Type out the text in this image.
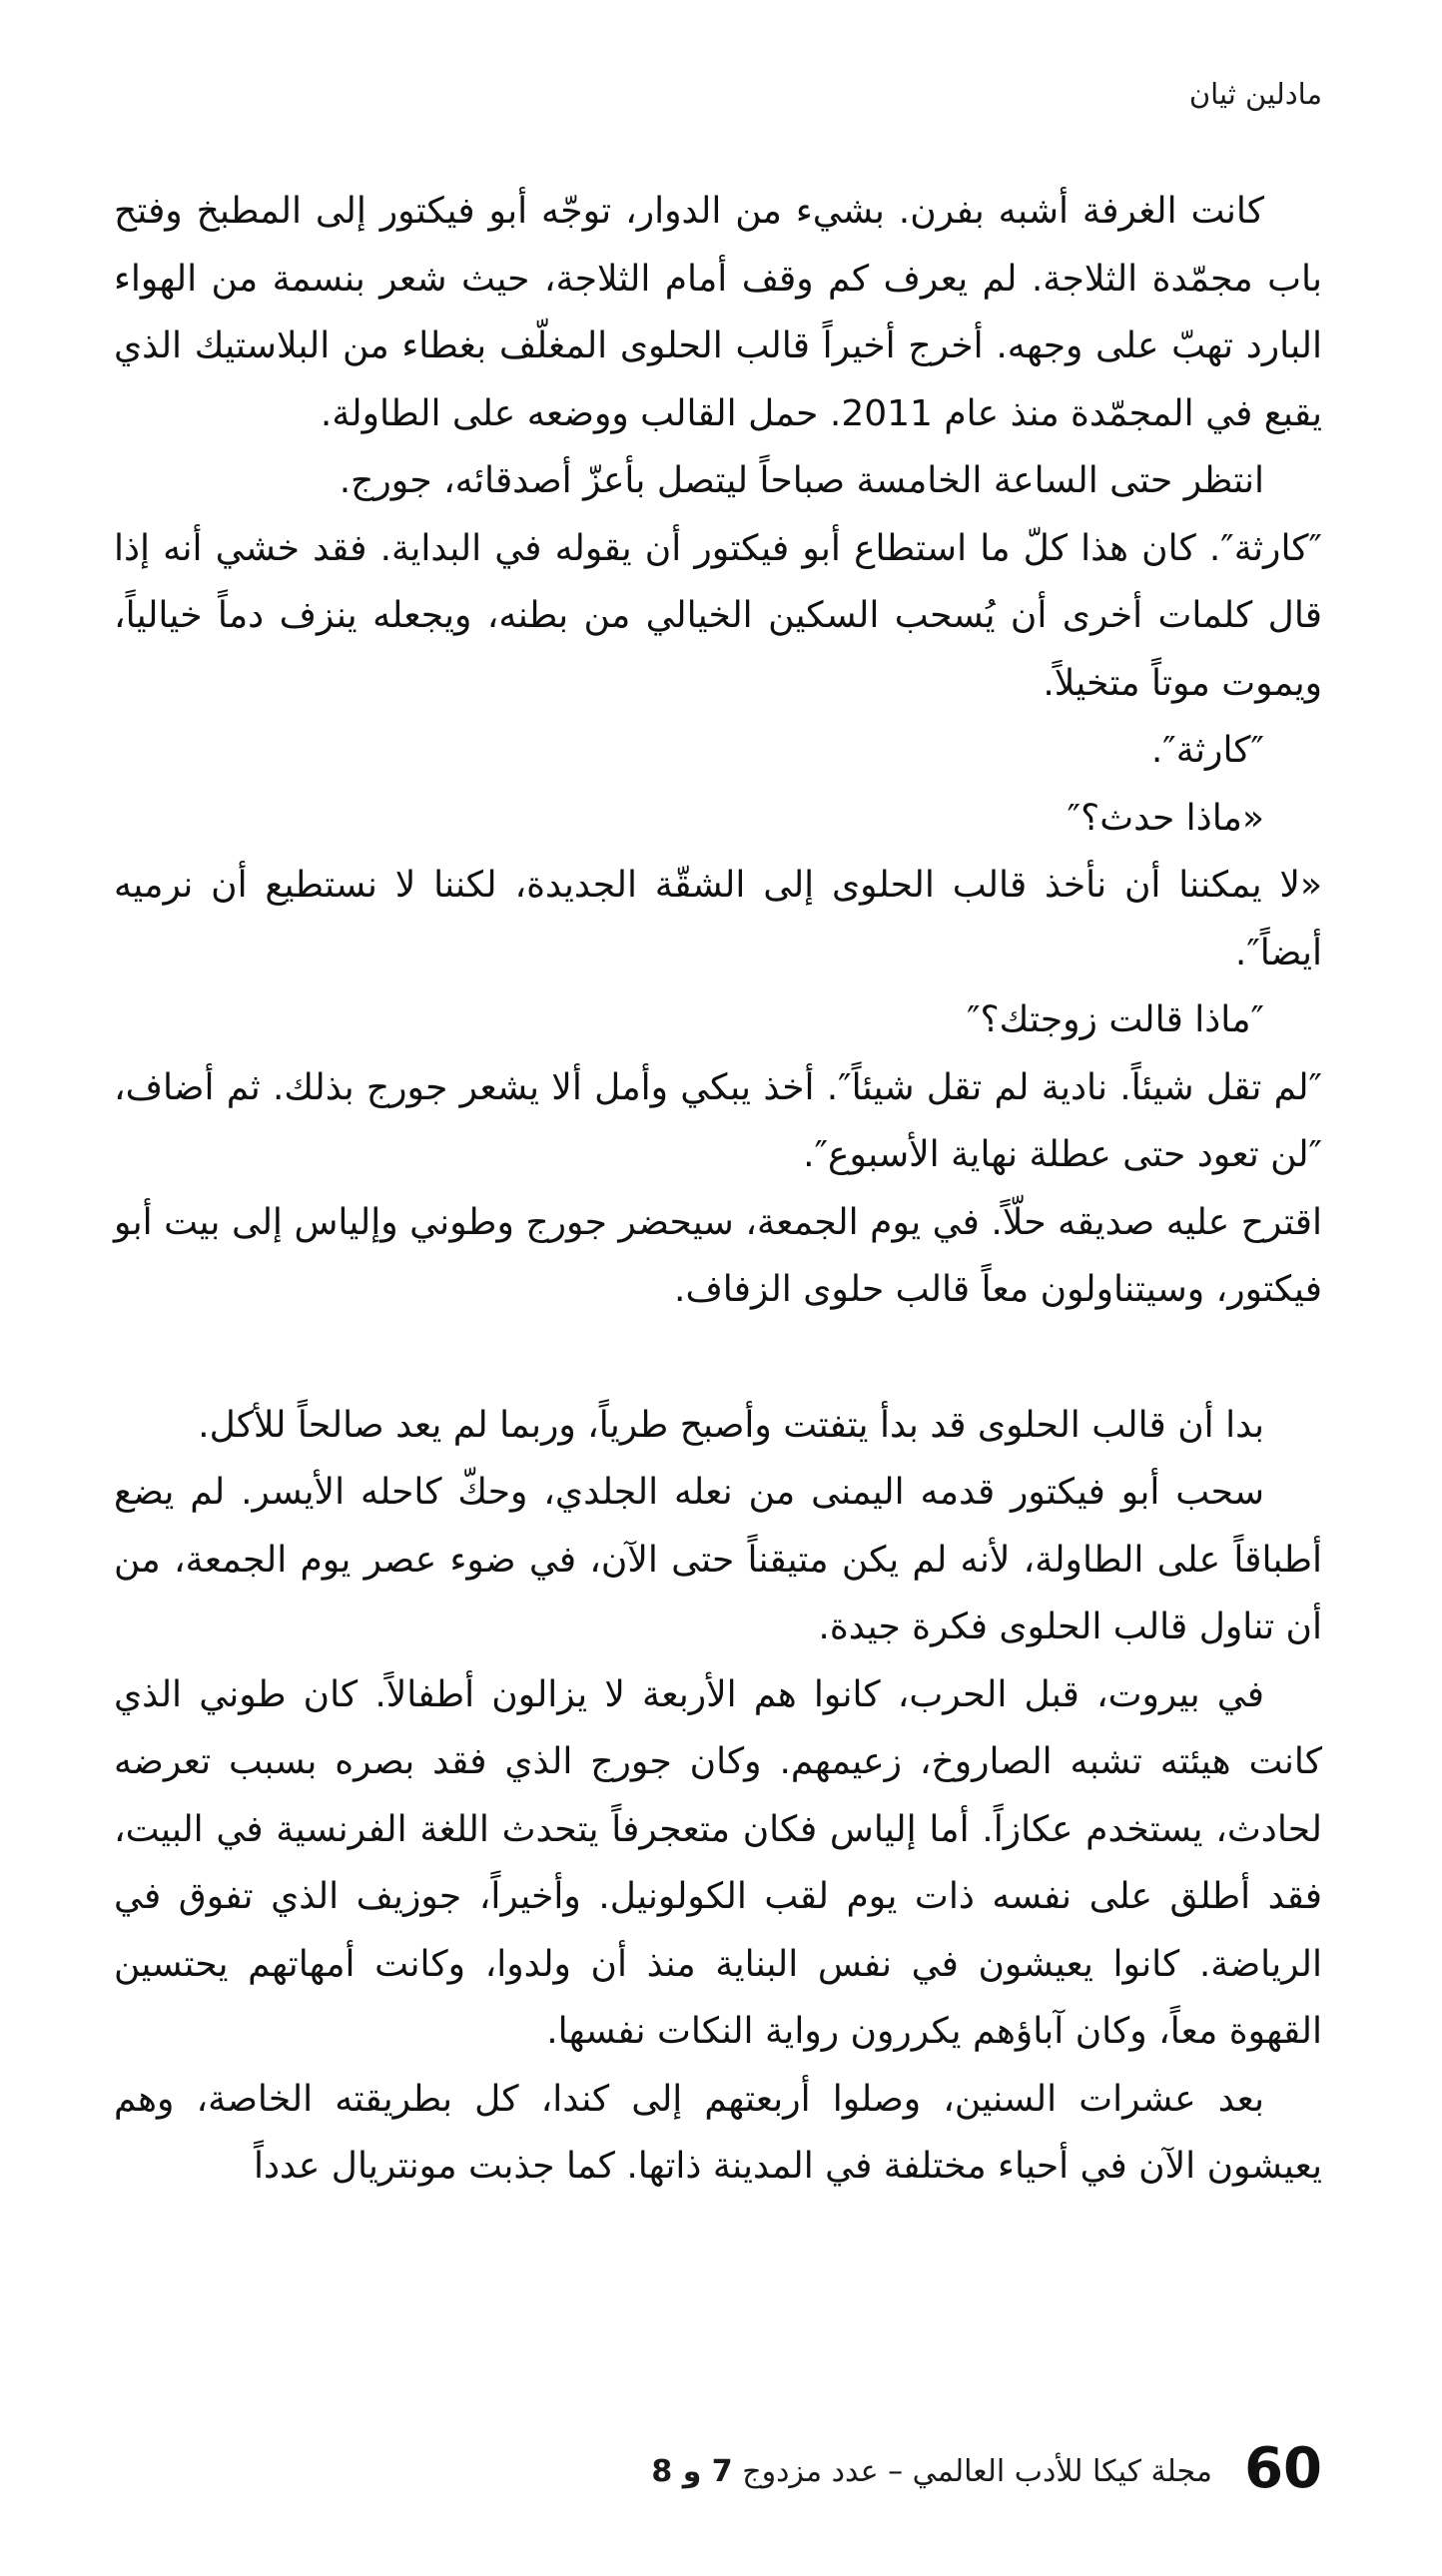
مادلين ثيان

كانت الغرفة أشبه بفرن. بشيء من الدوار، توجّه أبو فيكتور إلى المطبخ وفتح باب مجمّدة الثلاجة. لم يعرف كم وقف أمام الثلاجة، حيث شعر بنسمة من الهواء البارد تهبّ على وجهه. أخرج أخيراً قالب الحلوى المغلّف بغطاء من البلاستيك الذي يقبع في المجمّدة منذ عام 2011. حمل القالب ووضعه على الطاولة.

انتظر حتى الساعة الخامسة صباحاً ليتصل بأعزّ أصدقائه، جورج.

″كارثة″. كان هذا كلّ ما استطاع أبو فيكتور أن يقوله في البداية. فقد خشي أنه إذا قال كلمات أخرى أن يُسحب السكين الخيالي من بطنه، ويجعله ينزف دماً خيالياً، ويموت موتاً متخيلاً.

″كارثة″.

«ماذا حدث؟″

«لا يمكننا أن نأخذ قالب الحلوى إلى الشقّة الجديدة، لكننا لا نستطيع أن نرميه أيضاً″.

″ماذا قالت زوجتك؟″

″لم تقل شيئاً. نادية لم تقل شيئاً″. أخذ يبكي وأمل ألا يشعر جورج بذلك. ثم أضاف، ″لن تعود حتى عطلة نهاية الأسبوع″.

اقترح عليه صديقه حلّاً. في يوم الجمعة، سيحضر جورج وطوني وإلياس إلى بيت أبو فيكتور، وسيتناولون معاً قالب حلوى الزفاف.

بدا أن قالب الحلوى قد بدأ يتفتت وأصبح طرياً، وربما لم يعد صالحاً للأكل.

سحب أبو فيكتور قدمه اليمنى من نعله الجلدي، وحكّ كاحله الأيسر. لم يضع أطباقاً على الطاولة، لأنه لم يكن متيقناً حتى الآن، في ضوء عصر يوم الجمعة، من أن تناول قالب الحلوى فكرة جيدة.

في بيروت، قبل الحرب، كانوا هم الأربعة لا يزالون أطفالاً. كان طوني الذي كانت هيئته تشبه الصاروخ، زعيمهم. وكان جورج الذي فقد بصره بسبب تعرضه لحادث، يستخدم عكازاً. أما إلياس فكان متعجرفاً يتحدث اللغة الفرنسية في البيت، فقد أطلق على نفسه ذات يوم لقب الكولونيل. وأخيراً، جوزيف الذي تفوق في الرياضة. كانوا يعيشون في نفس البناية منذ أن ولدوا، وكانت أمهاتهم يحتسين القهوة معاً، وكان آباؤهم يكررون رواية النكات نفسها.

بعد عشرات السنين، وصلوا أربعتهم إلى كندا، كل بطريقته الخاصة، وهم يعيشون الآن في أحياء مختلفة في المدينة ذاتها. كما جذبت مونتريال عدداً

60
مجلة كيكا للأدب العالمي – عدد مزدوج 7 و 8
